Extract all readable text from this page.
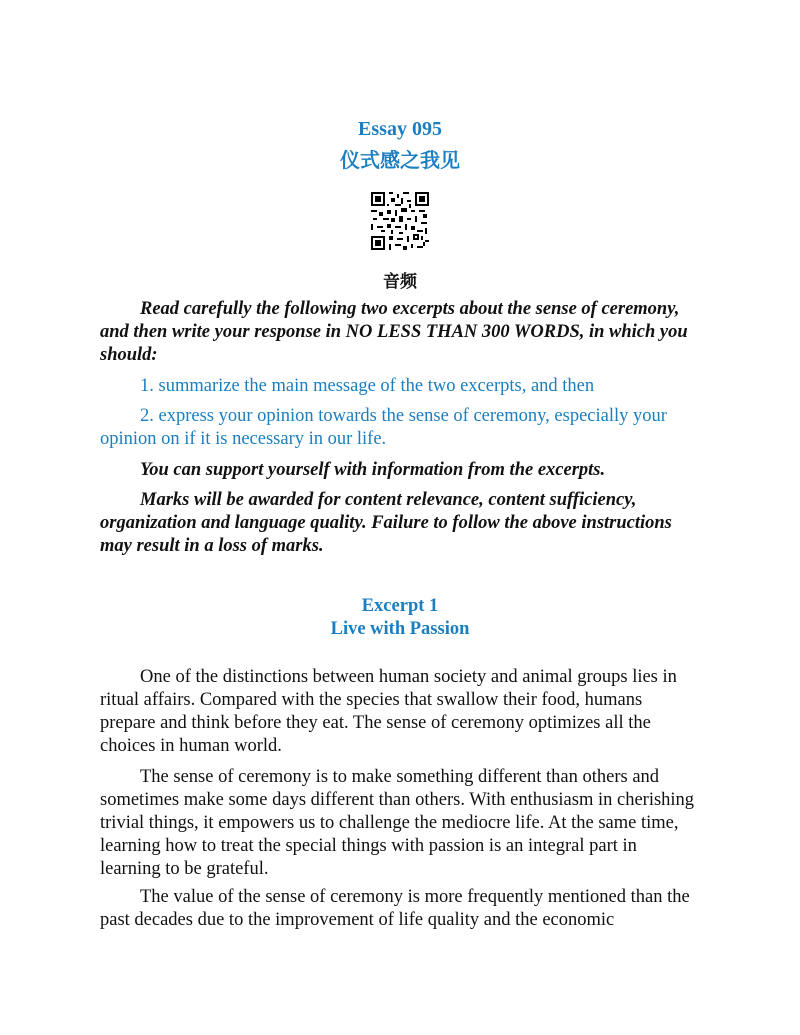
Essay 095
仪式感之我见
音频

Read carefully the following two excerpts about the sense of ceremony, and then write your response in NO LESS THAN 300 WORDS, in which you should:

1. summarize the main message of the two excerpts, and then

2. express your opinion towards the sense of ceremony, especially your opinion on if it is necessary in our life.

You can support yourself with information from the excerpts.

Marks will be awarded for content relevance, content sufficiency, organization and language quality. Failure to follow the above instructions may result in a loss of marks.

Excerpt 1
Live with Passion

One of the distinctions between human society and animal groups lies in ritual affairs. Compared with the species that swallow their food, humans prepare and think before they eat. The sense of ceremony optimizes all the choices in human world.

The sense of ceremony is to make something different than others and sometimes make some days different than others. With enthusiasm in cherishing trivial things, it empowers us to challenge the mediocre life. At the same time, learning how to treat the special things with passion is an integral part in learning to be grateful.

The value of the sense of ceremony is more frequently mentioned than the past decades due to the improvement of life quality and the economic
